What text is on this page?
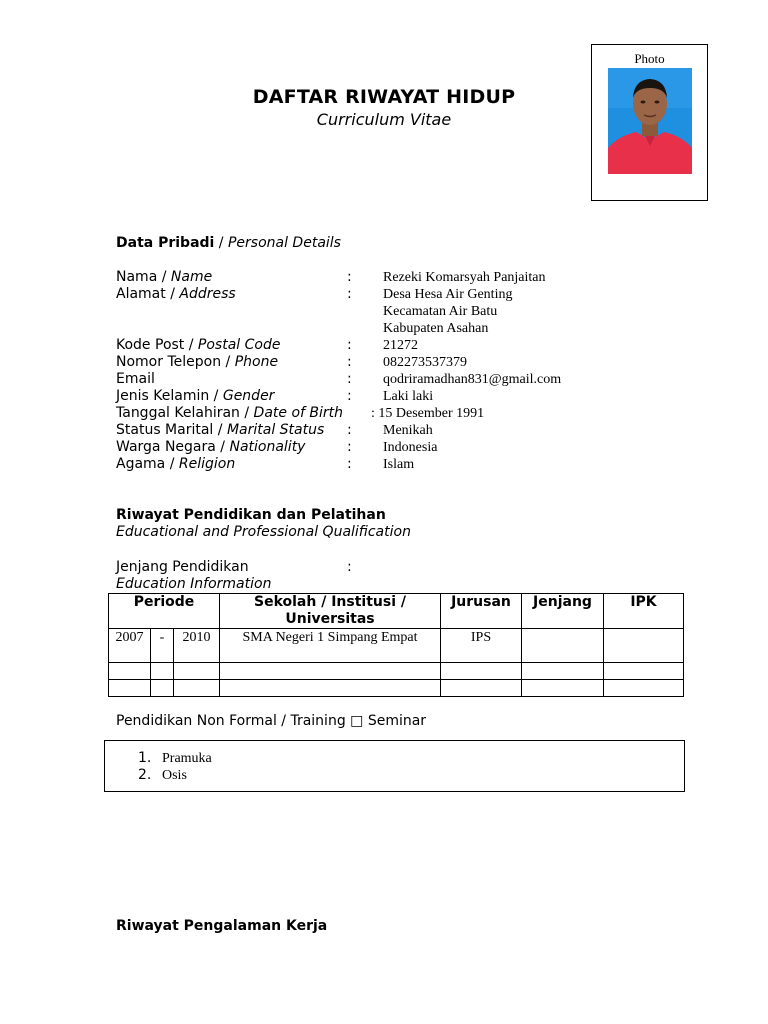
Photo
DAFTAR RIWAYAT HIDUP
Curriculum Vitae
Data Pribadi / Personal Details
Nama / Name	: Rezeki Komarsyah Panjaitan
Alamat / Address	: Desa Hesa Air Genting
Kecamatan Air Batu
Kabupaten Asahan
Kode Post / Postal Code	: 21272
Nomor Telepon / Phone	: 082273537379
Email	: qodriramadhan831@gmail.com
Jenis Kelamin / Gender	: Laki laki
Tanggal Kelahiran / Date of Birth : 15 Desember 1991
Status Marital / Marital Status : Menikah
Warga Negara / Nationality	: Indonesia
Agama / Religion	: Islam
Riwayat Pendidikan dan Pelatihan
Educational and Professional Qualification
Jenjang Pendidikan	:
Education Information
Periode			Sekolah / Institusi / Universitas	Jurusan	Jenjang	IPK
2007	-	2010	SMA Negeri 1 Simpang Empat	IPS		

Pendidikan Non Formal / Training □ Seminar
1. Pramuka
2. Osis
Riwayat Pengalaman Kerja
